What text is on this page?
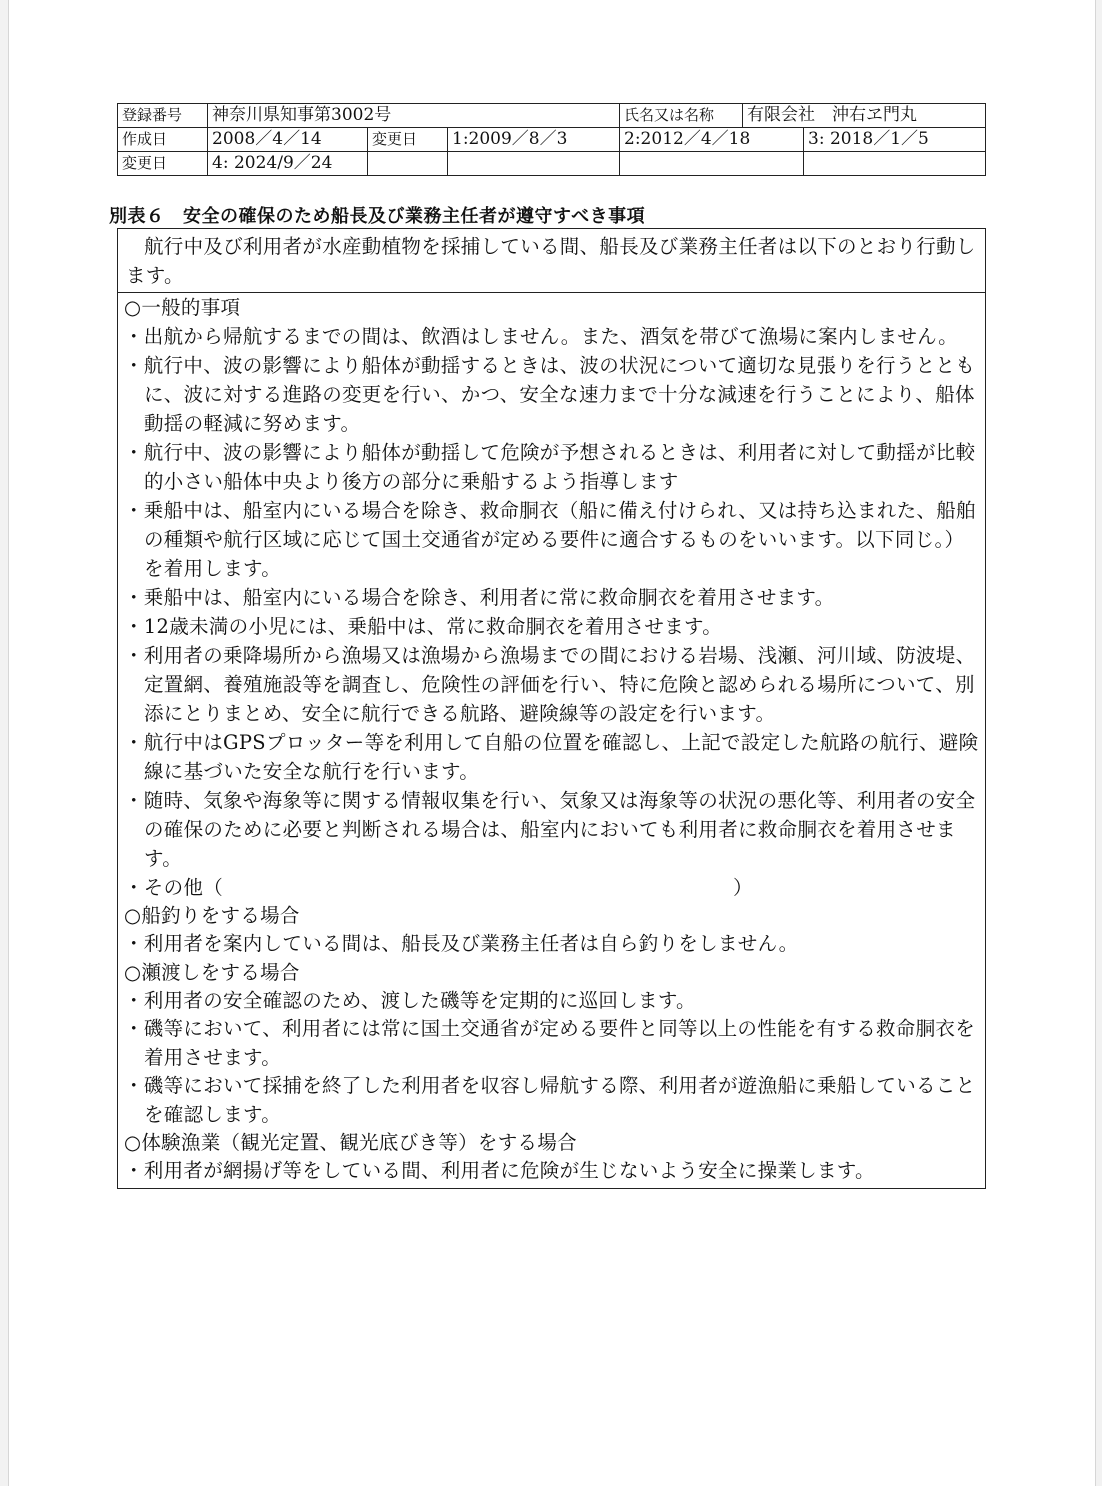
登録番号	神奈川県知事第3002号			氏名又は名称 有限会社　沖右ヱ門丸	
作成日	2008／4／14	変更日	1:2009／8／3	2:2012／4／18	3: 2018／1／5
変更日	4: 2024/9／24				
別表６　安全の確保のため船長及び業務主任者が遵守すべき事項
航行中及び利用者が水産動植物を採捕している間、船長及び業務主任者は以下のとおり行動します。
○一般的事項
・出航から帰航するまでの間は、飲酒はしません。また、酒気を帯びて漁場に案内しません。
・航行中、波の影響により船体が動揺するときは、波の状況について適切な見張りを行うとともに、波に対する進路の変更を行い、かつ、安全な速力まで十分な減速を行うことにより、船体動揺の軽減に努めます。
・航行中、波の影響により船体が動揺して危険が予想されるときは、利用者に対して動揺が比較的小さい船体中央より後方の部分に乗船するよう指導します
・乗船中は、船室内にいる場合を除き、救命胴衣（船に備え付けられ、又は持ち込まれた、船舶の種類や航行区域に応じて国土交通省が定める要件に適合するものをいいます。以下同じ。）を着用します。
・乗船中は、船室内にいる場合を除き、利用者に常に救命胴衣を着用させます。
・12歳未満の小児には、乗船中は、常に救命胴衣を着用させます。
・利用者の乗降場所から漁場又は漁場から漁場までの間における岩場、浅瀬、河川域、防波堤、定置網、養殖施設等を調査し、危険性の評価を行い、特に危険と認められる場所について、別添にとりまとめ、安全に航行できる航路、避険線等の設定を行います。
・航行中はGPSプロッター等を利用して自船の位置を確認し、上記で設定した航路の航行、避険線に基づいた安全な航行を行います。
・随時、気象や海象等に関する情報収集を行い、気象又は海象等の状況の悪化等、利用者の安全の確保のために必要と判断される場合は、船室内においても利用者に救命胴衣を着用させます。
・その他（	）
○船釣りをする場合
・利用者を案内している間は、船長及び業務主任者は自ら釣りをしません。
○瀬渡しをする場合
・利用者の安全確認のため、渡した磯等を定期的に巡回します。
・磯等において、利用者には常に国土交通省が定める要件と同等以上の性能を有する救命胴衣を着用させます。
・磯等において採捕を終了した利用者を収容し帰航する際、利用者が遊漁船に乗船していることを確認します。
○体験漁業（観光定置、観光底びき等）をする場合
・利用者が網揚げ等をしている間、利用者に危険が生じないよう安全に操業します。
